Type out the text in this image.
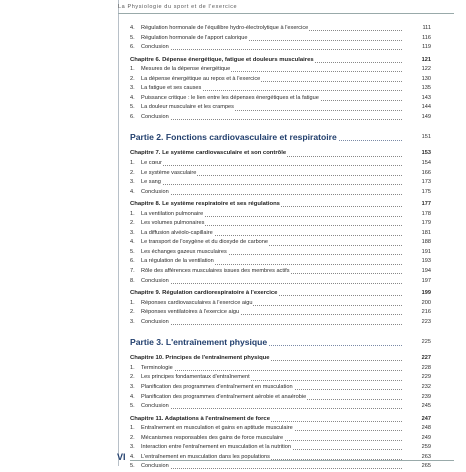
La Physiologie du sport et de l'exercice
4.	Régulation hormonale de l'équilibre hydro-électrolytique à l'exercice	111
5.	Régulation hormonale de l'apport calorique	116
6.	Conclusion	119
Chapitre 6. Dépense énergétique, fatigue et douleurs musculaires	121
1.	Mesures de la dépense énergétique	122
2.	La dépense énergétique au repos et à l'exercice	130
3.	La fatigue et ses causes	135
4.	Puissance critique : le lien entre les dépenses énergétiques et la fatigue	143
5.	La douleur musculaire et les crampes	144
6.	Conclusion	149
Partie 2. Fonctions cardiovasculaire et respiratoire	151
Chapitre 7. Le système cardiovasculaire et son contrôle	153
1.	Le cœur	154
2.	Le système vasculaire	166
3.	Le sang	173
4.	Conclusion	175
Chapitre 8. Le système respiratoire et ses régulations	177
1.	La ventilation pulmonaire	178
2.	Les volumes pulmonaires	179
3.	La diffusion alvéolo-capillaire	181
4.	Le transport de l'oxygène et du dioxyde de carbone	188
5.	Les échanges gazeux musculaires	191
6.	La régulation de la ventilation	193
7.	Rôle des afférences musculaires issues des membres actifs	194
8.	Conclusion	197
Chapitre 9. Régulation cardiorespiratoire à l'exercice	199
1.	Réponses cardiovasculaires à l'exercice aigu	200
2.	Réponses ventilatoires à l'exercice aigu	216
3.	Conclusion	223
Partie 3. L'entraînement physique	225
Chapitre 10. Principes de l'entraînement physique	227
1.	Terminologie	228
2.	Les principes fondamentaux d'entraînement	229
3.	Planification des programmes d'entraînement en musculation	232
4.	Planification des programmes d'entraînement aérobie et anaérobie	239
5.	Conclusion	245
Chapitre 11. Adaptations à l'entraînement de force	247
1.	Entraînement en musculation et gains en aptitude musculaire	248
2.	Mécanismes responsables des gains de force musculaire	249
3.	Interaction entre l'entraînement en musculation et la nutrition	259
4.	L'entraînement en musculation dans les populations	263
5.	Conclusion	265
VI
